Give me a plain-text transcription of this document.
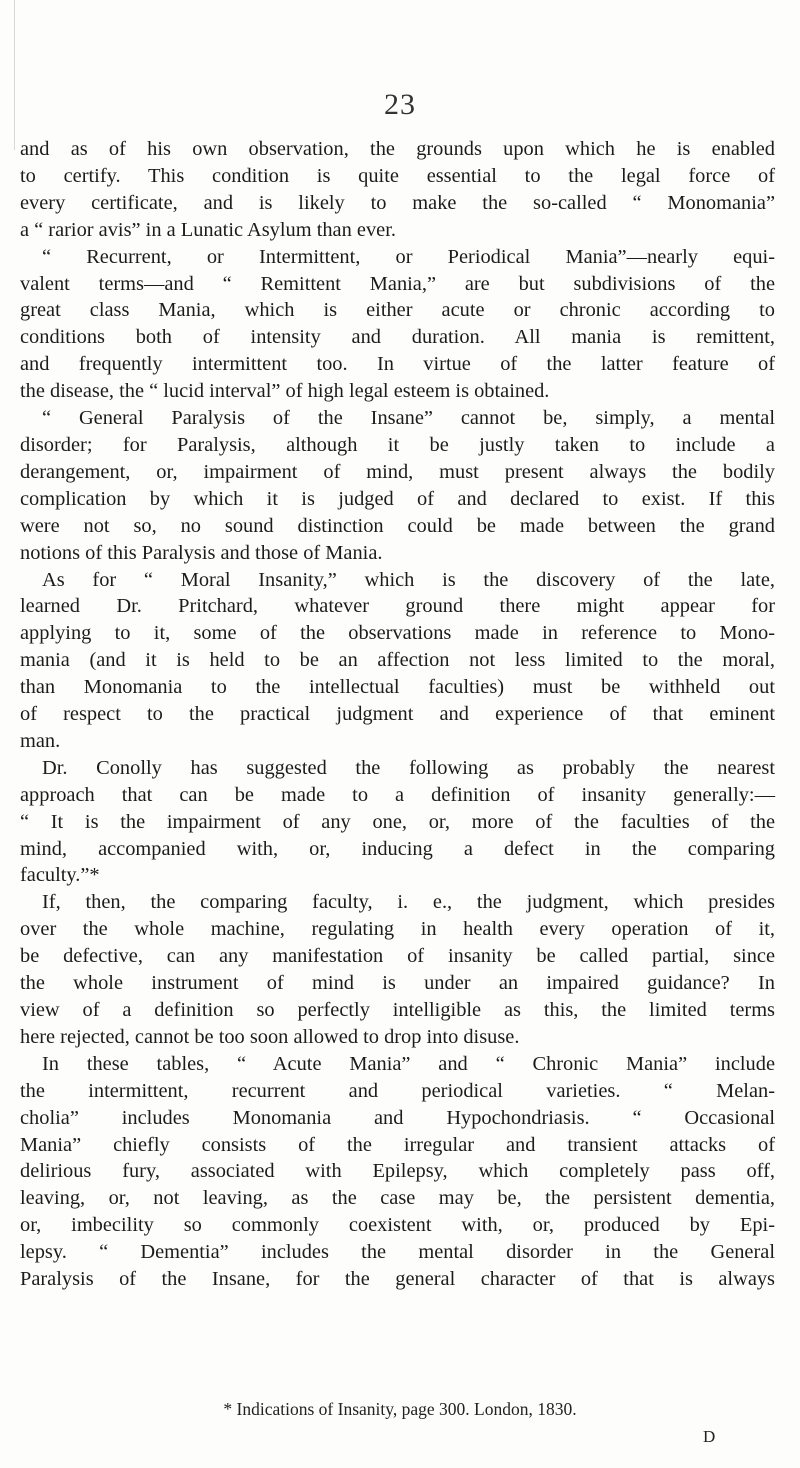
23
and as of his own observation, the grounds upon which he is enabled
to certify. This condition is quite essential to the legal force of
every certificate, and is likely to make the so-called “ Monomania”
a “ rarior avis” in a Lunatic Asylum than ever.
“ Recurrent, or Intermittent, or Periodical Mania”—nearly equi-
valent terms—and “ Remittent Mania,” are but subdivisions of the
great class Mania, which is either acute or chronic according to
conditions both of intensity and duration. All mania is remittent,
and frequently intermittent too. In virtue of the latter feature of
the disease, the “ lucid interval” of high legal esteem is obtained.
“ General Paralysis of the Insane” cannot be, simply, a mental
disorder; for Paralysis, although it be justly taken to include a
derangement, or, impairment of mind, must present always the bodily
complication by which it is judged of and declared to exist. If this
were not so, no sound distinction could be made between the grand
notions of this Paralysis and those of Mania.
As for “ Moral Insanity,” which is the discovery of the late,
learned Dr. Pritchard, whatever ground there might appear for
applying to it, some of the observations made in reference to Mono-
mania (and it is held to be an affection not less limited to the moral,
than Monomania to the intellectual faculties) must be withheld out
of respect to the practical judgment and experience of that eminent
man.
Dr. Conolly has suggested the following as probably the nearest
approach that can be made to a definition of insanity generally:—
“ It is the impairment of any one, or, more of the faculties of the
mind, accompanied with, or, inducing a defect in the comparing
faculty.”*
If, then, the comparing faculty, i. e., the judgment, which presides
over the whole machine, regulating in health every operation of it,
be defective, can any manifestation of insanity be called partial, since
the whole instrument of mind is under an impaired guidance? In
view of a definition so perfectly intelligible as this, the limited terms
here rejected, cannot be too soon allowed to drop into disuse.
In these tables, “ Acute Mania” and “ Chronic Mania” include
the intermittent, recurrent and periodical varieties. “ Melan-
cholia” includes Monomania and Hypochondriasis. “ Occasional
Mania” chiefly consists of the irregular and transient attacks of
delirious fury, associated with Epilepsy, which completely pass off,
leaving, or, not leaving, as the case may be, the persistent dementia,
or, imbecility so commonly coexistent with, or, produced by Epi-
lepsy. “ Dementia” includes the mental disorder in the General
Paralysis of the Insane, for the general character of that is always
* Indications of Insanity, page 300. London, 1830.
D
